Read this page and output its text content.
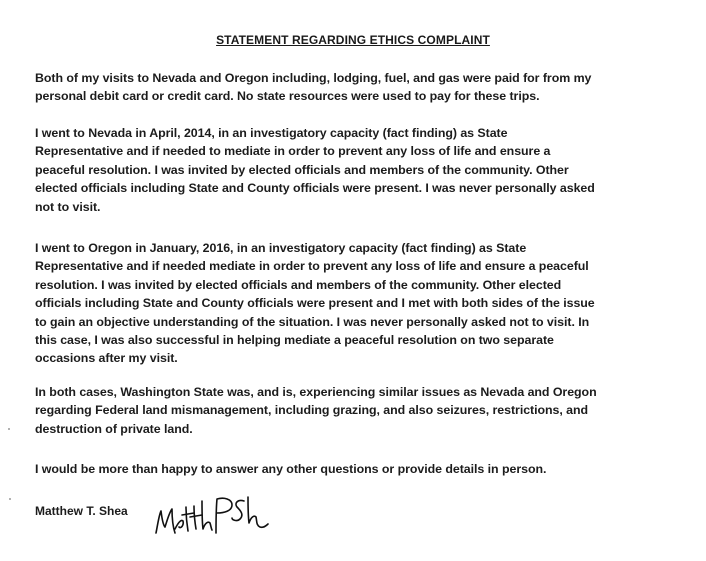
STATEMENT REGARDING ETHICS COMPLAINT
Both of my visits to Nevada and Oregon including, lodging, fuel, and gas were paid for from my
personal debit card or credit card. No state resources were used to pay for these trips.
I went to Nevada in April, 2014, in an investigatory capacity (fact finding) as State
Representative and if needed to mediate in order to prevent any loss of life and ensure a
peaceful resolution. I was invited by elected officials and members of the community. Other
elected officials including State and County officials were present. I was never personally asked
not to visit.
I went to Oregon in January, 2016, in an investigatory capacity (fact finding) as State
Representative and if needed mediate in order to prevent any loss of life and ensure a peaceful
resolution. I was invited by elected officials and members of the community. Other elected
officials including State and County officials were present and I met with both sides of the issue
to gain an objective understanding of the situation. I was never personally asked not to visit. In
this case, I was also successful in helping mediate a peaceful resolution on two separate
occasions after my visit.
In both cases, Washington State was, and is, experiencing similar issues as Nevada and Oregon
regarding Federal land mismanagement, including grazing, and also seizures, restrictions, and
destruction of private land.
I would be more than happy to answer any other questions or provide details in person.
Matthew T. Shea
